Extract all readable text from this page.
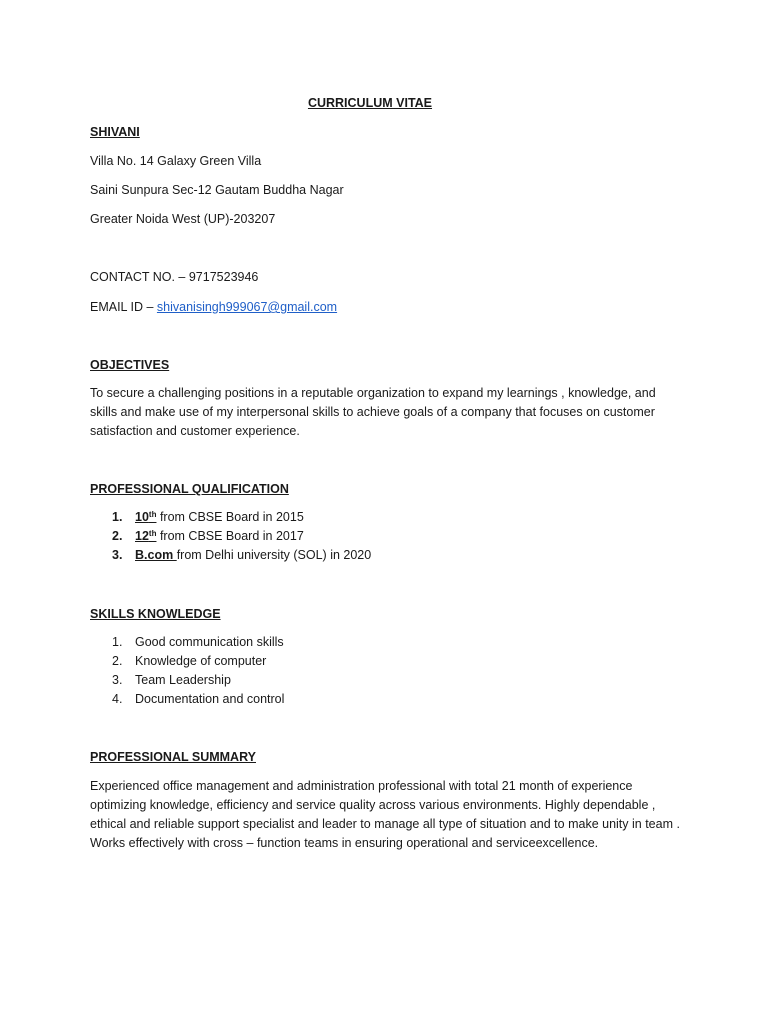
CURRICULUM VITAE
SHIVANI
Villa No. 14 Galaxy Green Villa
Saini Sunpura Sec-12 Gautam Buddha Nagar
Greater Noida West (UP)-203207
CONTACT NO. – 9717523946
EMAIL ID – shivanisingh999067@gmail.com
OBJECTIVES
To secure a challenging positions in a reputable organization to expand my learnings , knowledge, and skills and make use of my interpersonal skills to achieve goals of a company that focuses on customer satisfaction and customer experience.
PROFESSIONAL QUALIFICATION
1. 10th from CBSE Board in 2015
2. 12th from CBSE Board in 2017
3. B.com from Delhi university (SOL) in 2020
SKILLS KNOWLEDGE
1. Good communication skills
2. Knowledge of computer
3. Team Leadership
4. Documentation and control
PROFESSIONAL SUMMARY
Experienced office management and administration professional with total 21 month of experience optimizing knowledge, efficiency and service quality across various environments. Highly dependable , ethical and reliable support specialist and leader to manage all type of situation and to make unity in team . Works effectively with cross – function teams in ensuring operational and serviceexcellence.
